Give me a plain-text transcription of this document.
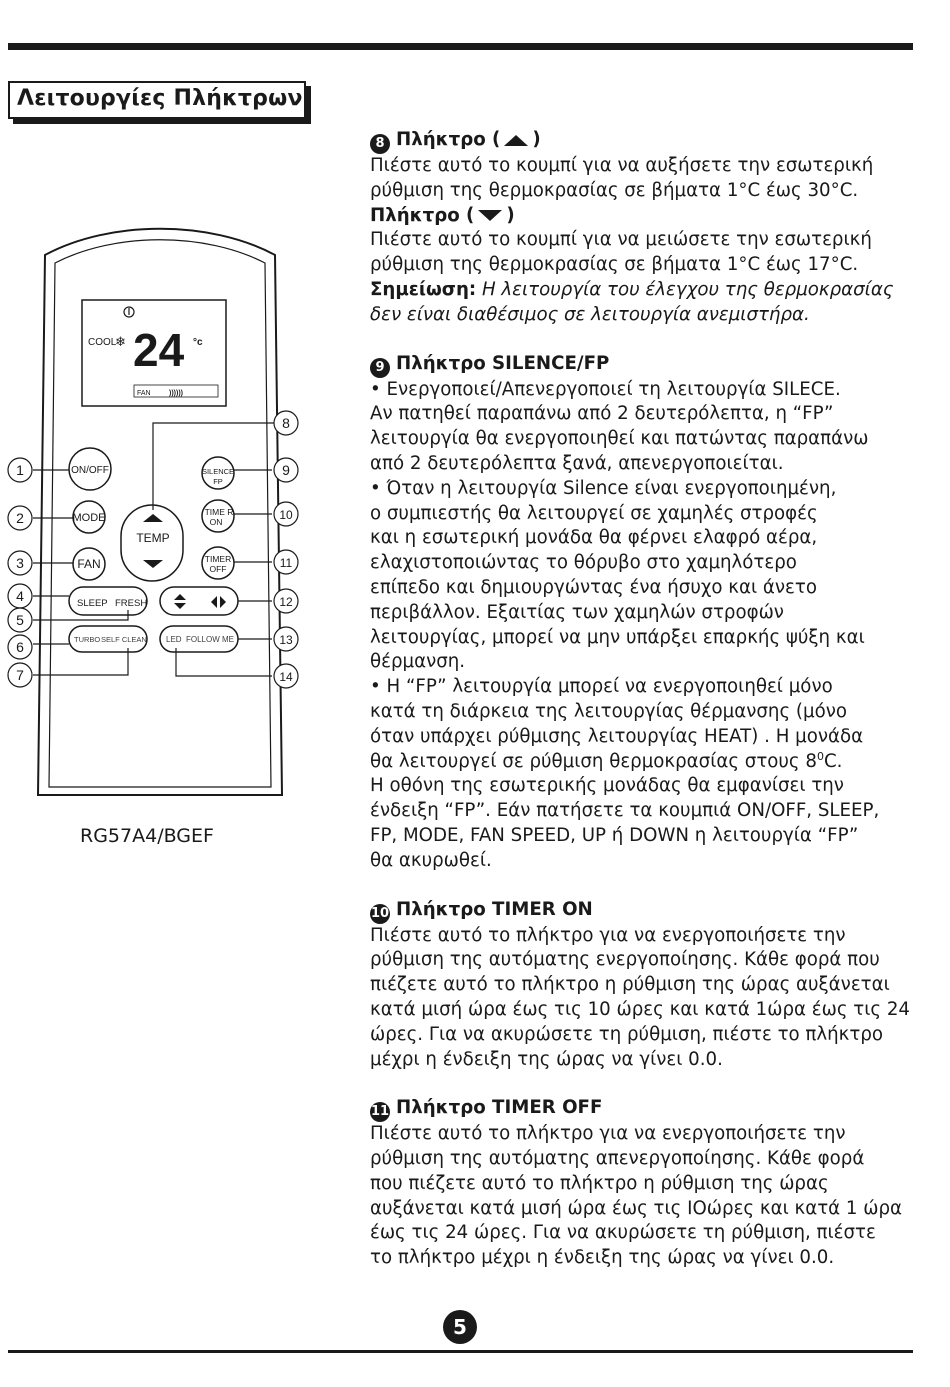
Λειτουργίες Πλήκτρων
COOL
❄ 24 °c
FAN	))))))
ON/OFF
MODE
FAN
TEMP
SILENCE
FP
TIME R
ON
TIMER
OFF
SLEEP FRESH
TURBO SELF CLEAN LED FOLLOW ME
1
2
3
4
5
6
7
8
9
10
11
12
13
14
RG57A4/BGEF
8 Πλήκτρο ( )
Πιέστε αυτό το κουμπί για να αυξήσετε την εσωτερική
ρύθμιση της θερμοκρασίας σε βήματα 1°C έως 30°C.
Πλήκτρο ( )
Πιέστε αυτό το κουμπί για να μειώσετε την εσωτερική
ρύθμιση της θερμοκρασίας σε βήματα 1°C έως 17°C.
Σημείωση: Η λειτουργία του έλεγχου της θερμοκρασίας
δεν είναι διαθέσιμος σε λειτουργία ανεμιστήρα.
9 Πλήκτρο SILENCE/FP
• Ενεργοποιεί/Απενεργοποιεί τη λειτουργία SILECE.
Αν πατηθεί παραπάνω από 2 δευτερόλεπτα, η “FP”
λειτουργία θα ενεργοποιηθεί και πατώντας παραπάνω
από 2 δευτερόλεπτα ξανά, απενεργοποιείται.
• Όταν η λειτουργία Silence είναι ενεργοποιημένη,
ο συμπιεστής θα λειτουργεί σε χαμηλές στροφές
και η εσωτερική μονάδα θα φέρνει ελαφρό αέρα,
ελαχιστοποιώντας το θόρυβο στο χαμηλότερο
επίπεδο και δημιουργώντας ένα ήσυχο και άνετο
περιβάλλον. Εξαιτίας των χαμηλών στροφών
λειτουργίας, μπορεί να μην υπάρξει επαρκής ψύξη και
θέρμανση.
• Η “FP” λειτουργία μπορεί να ενεργοποιηθεί μόνο
κατά τη διάρκεια της λειτουργίας θέρμανσης (μόνο
όταν υπάρχει ρύθμισης λειτουργίας HEAT) . Η μονάδα
θα λειτουργεί σε ρύθμιση θερμοκρασίας στους $8^0C$.
Η οθόνη της εσωτερικής μονάδας θα εμφανίσει την
ένδειξη “FP”. Εάν πατήσετε τα κουμπιά ON/OFF, SLEEP,
FP, MODE, FAN SPEED, UP ή DOWN η λειτουργία “FP”
θα ακυρωθεί.
10 Πλήκτρο TIMER ON
Πιέστε αυτό το πλήκτρο για να ενεργοποιήσετε την
ρύθμιση της αυτόματης ενεργοποίησης. Κάθε φορά που
πιέζετε αυτό το πλήκτρο η ρύθμιση της ώρας αυξάνεται
κατά μισή ώρα έως τις 10 ώρες και κατά 1ώρα έως τις 24
ώρες. Για να ακυρώσετε τη ρύθμιση, πιέστε το πλήκτρο
μέχρι η ένδειξη της ώρας να γίνει 0.0.
11 Πλήκτρο TIMER OFF
Πιέστε αυτό το πλήκτρο για να ενεργοποιήσετε την
ρύθμιση της αυτόματης απενεργοποίησης. Κάθε φορά
που πιέζετε αυτό το πλήκτρο η ρύθμιση της ώρας
αυξάνεται κατά μισή ώρα έως τις ΙΟώρες και κατά 1 ώρα
έως τις 24 ώρες. Για να ακυρώσετε τη ρύθμιση, πιέστε
το πλήκτρο μέχρι η ένδειξη της ώρας να γίνει 0.0.
5
